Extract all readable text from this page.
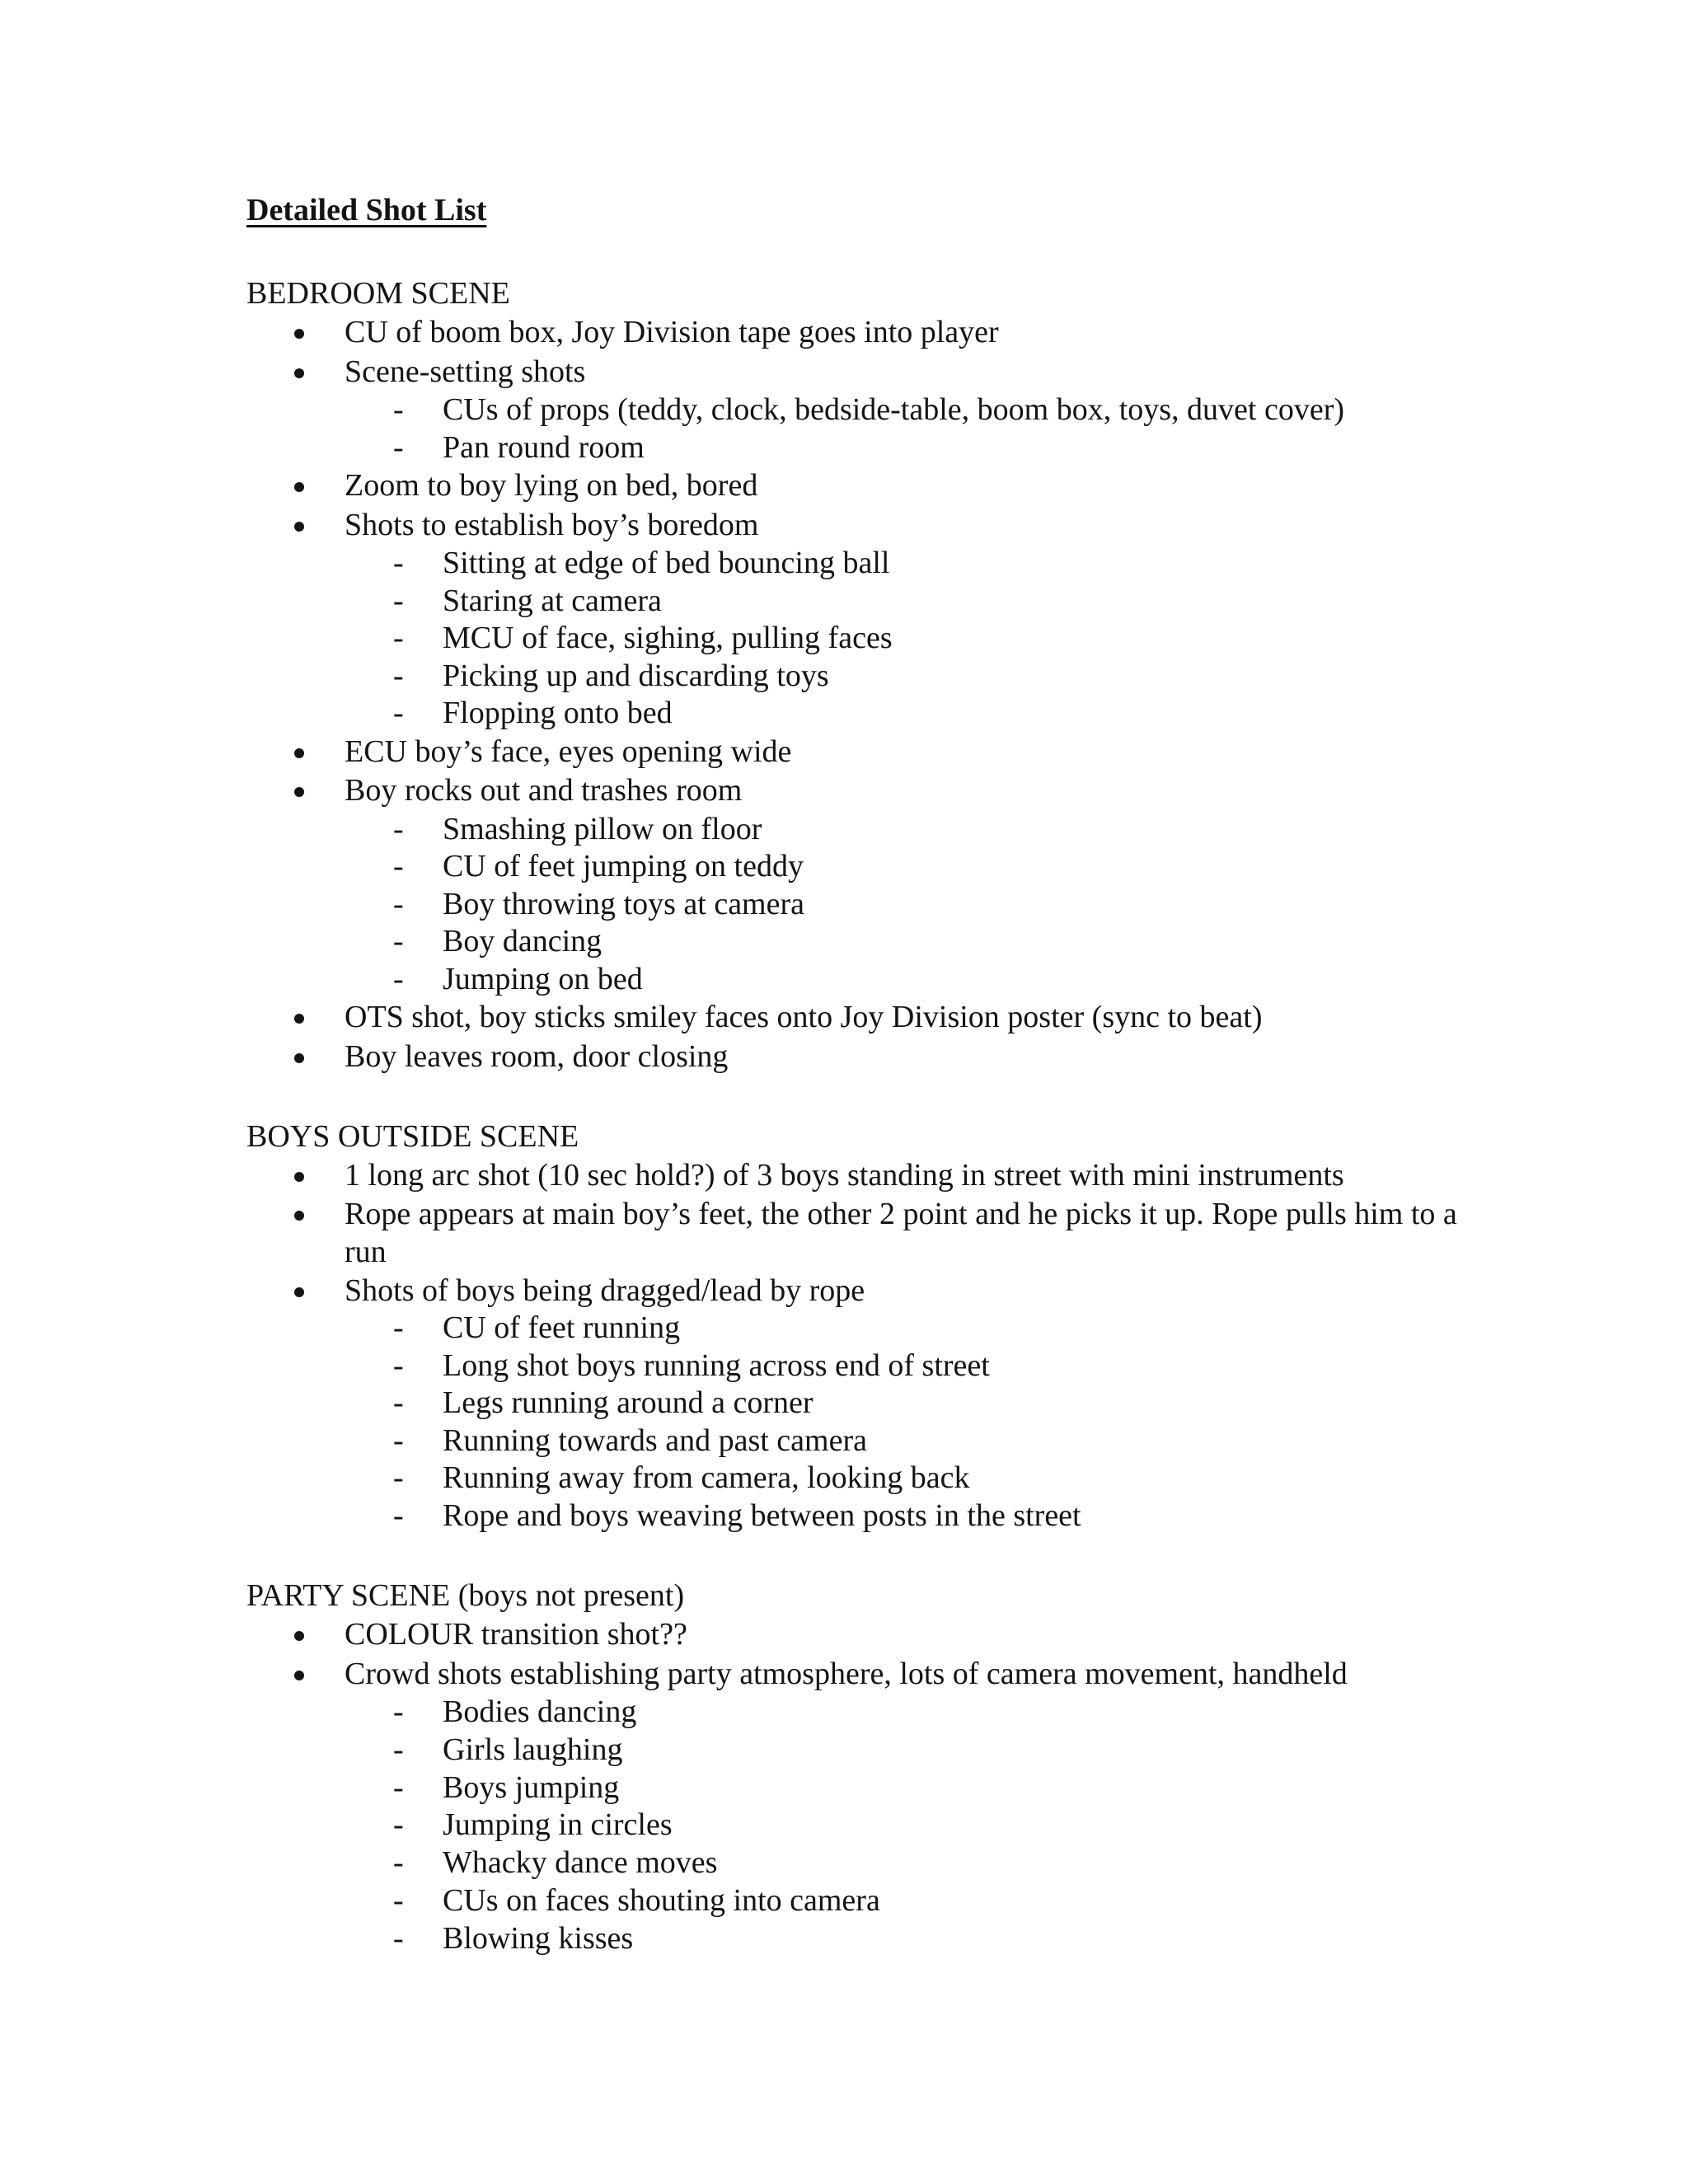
Detailed Shot List
BEDROOM SCENE
CU of boom box, Joy Division tape goes into player
Scene-setting shots
- CUs of props (teddy, clock, bedside-table, boom box, toys, duvet cover)
- Pan round room
Zoom to boy lying on bed, bored
Shots to establish boy’s boredom
- Sitting at edge of bed bouncing ball
- Staring at camera
- MCU of face, sighing, pulling faces
- Picking up and discarding toys
- Flopping onto bed
ECU boy’s face, eyes opening wide
Boy rocks out and trashes room
- Smashing pillow on floor
- CU of feet jumping on teddy
- Boy throwing toys at camera
- Boy dancing
- Jumping on bed
OTS shot, boy sticks smiley faces onto Joy Division poster (sync to beat)
Boy leaves room, door closing
BOYS OUTSIDE SCENE
1 long arc shot (10 sec hold?) of 3 boys standing in street with mini instruments
Rope appears at main boy’s feet, the other 2 point and he picks it up. Rope pulls him to a run
Shots of boys being dragged/lead by rope
- CU of feet running
- Long shot boys running across end of street
- Legs running around a corner
- Running towards and past camera
- Running away from camera, looking back
- Rope and boys weaving between posts in the street
PARTY SCENE (boys not present)
COLOUR transition shot??
Crowd shots establishing party atmosphere, lots of camera movement, handheld
- Bodies dancing
- Girls laughing
- Boys jumping
- Jumping in circles
- Whacky dance moves
- CUs on faces shouting into camera
- Blowing kisses
